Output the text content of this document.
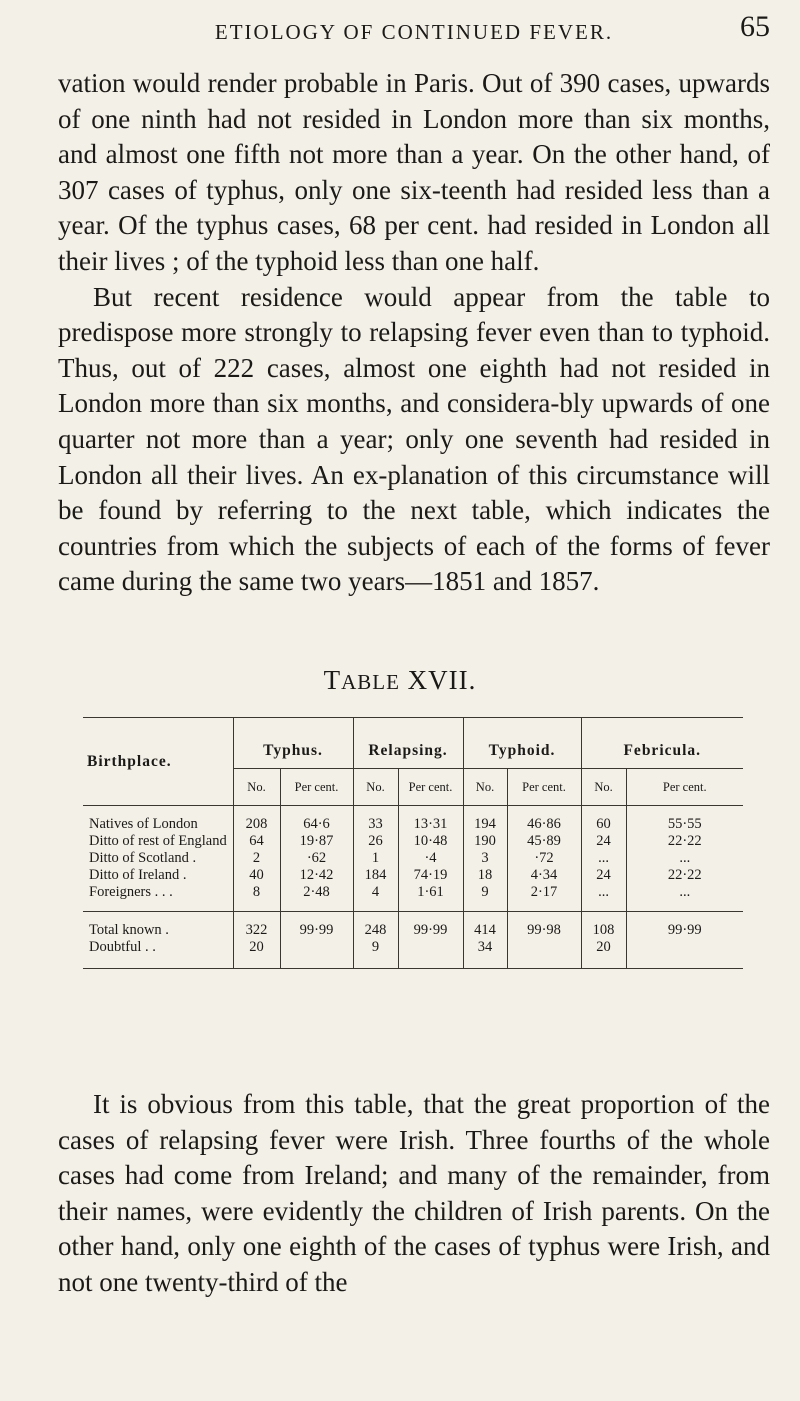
ETIOLOGY OF CONTINUED FEVER.	65

vation would render probable in Paris. Out of 390 cases, upwards of one ninth had not resided in London more than six months, and almost one fifth not more than a year. On the other hand, of 307 cases of typhus, only one six-teenth had resided less than a year. Of the typhus cases, 68 per cent. had resided in London all their lives ; of the typhoid less than one half.

But recent residence would appear from the table to predispose more strongly to relapsing fever even than to typhoid. Thus, out of 222 cases, almost one eighth had not resided in London more than six months, and considera-bly upwards of one quarter not more than a year; only one seventh had resided in London all their lives. An ex-planation of this circumstance will be found by referring to the next table, which indicates the countries from which the subjects of each of the forms of fever came during the same two years—1851 and 1857.

TABLE XVII.
Birthplace.	Typhus.		Relapsing.		Typhoid.		Febricula.	
	No.	Per cent.	No.	Per cent.	No.	Per cent.	No.	Per cent.
Natives of London	208	64·6	33	13·31	194	46·86	60	55·55
Ditto of rest of England	64	19·87	26	10·48	190	45·89	24	22·22
Ditto of Scotland .	2	·62	1	·4	3	·72	...	...
Ditto of Ireland .	40	12·42	184	74·19	18	4·34	24	22·22
Foreigners . . .	8	2·48	4	1·61	9	2·17	...	...
Total known .	322	99·99	248	99·99	414	99·98	108	99·99
Doubtful . .	20		9		34		20	

It is obvious from this table, that the great proportion of the cases of relapsing fever were Irish. Three fourths of the whole cases had come from Ireland; and many of the remainder, from their names, were evidently the children of Irish parents. On the other hand, only one eighth of the cases of typhus were Irish, and not one twenty-third of the
